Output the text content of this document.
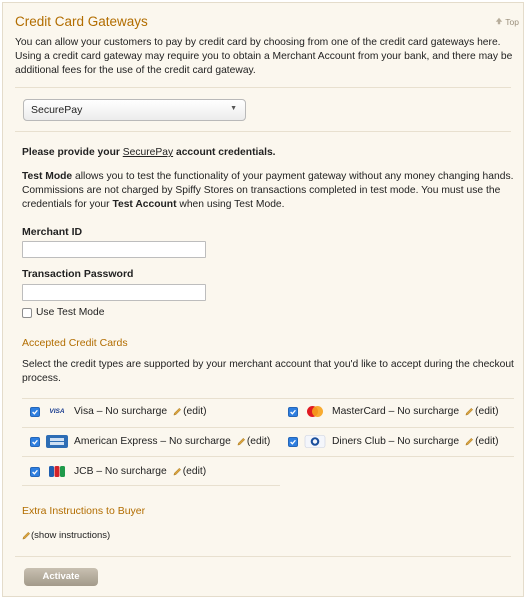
Credit Card Gateways	Top
You can allow your customers to pay by credit card by choosing from one of the credit card gateways here. Using a credit card gateway may require you to obtain a Merchant Account from your bank, and there may be additional fees for the use of the credit card gateway.
SecurePay	▼
Please provide your SecurePay account credentials.
Test Mode allows you to test the functionality of your payment gateway without any money changing hands. Commissions are not charged by Spiffy Stores on transactions completed in test mode. You must use the credentials for your Test Account when using Test Mode.
Merchant ID
Transaction Password
Use Test Mode
Accepted Credit Cards
Select the credit types are supported by your merchant account that you'd like to accept during the checkout process.
VISA Visa – No surcharge (edit)	MasterCard – No surcharge (edit)
American Express – No surcharge (edit)	Diners Club – No surcharge (edit)
JCB – No surcharge (edit)
Extra Instructions to Buyer
(show instructions)
Activate
